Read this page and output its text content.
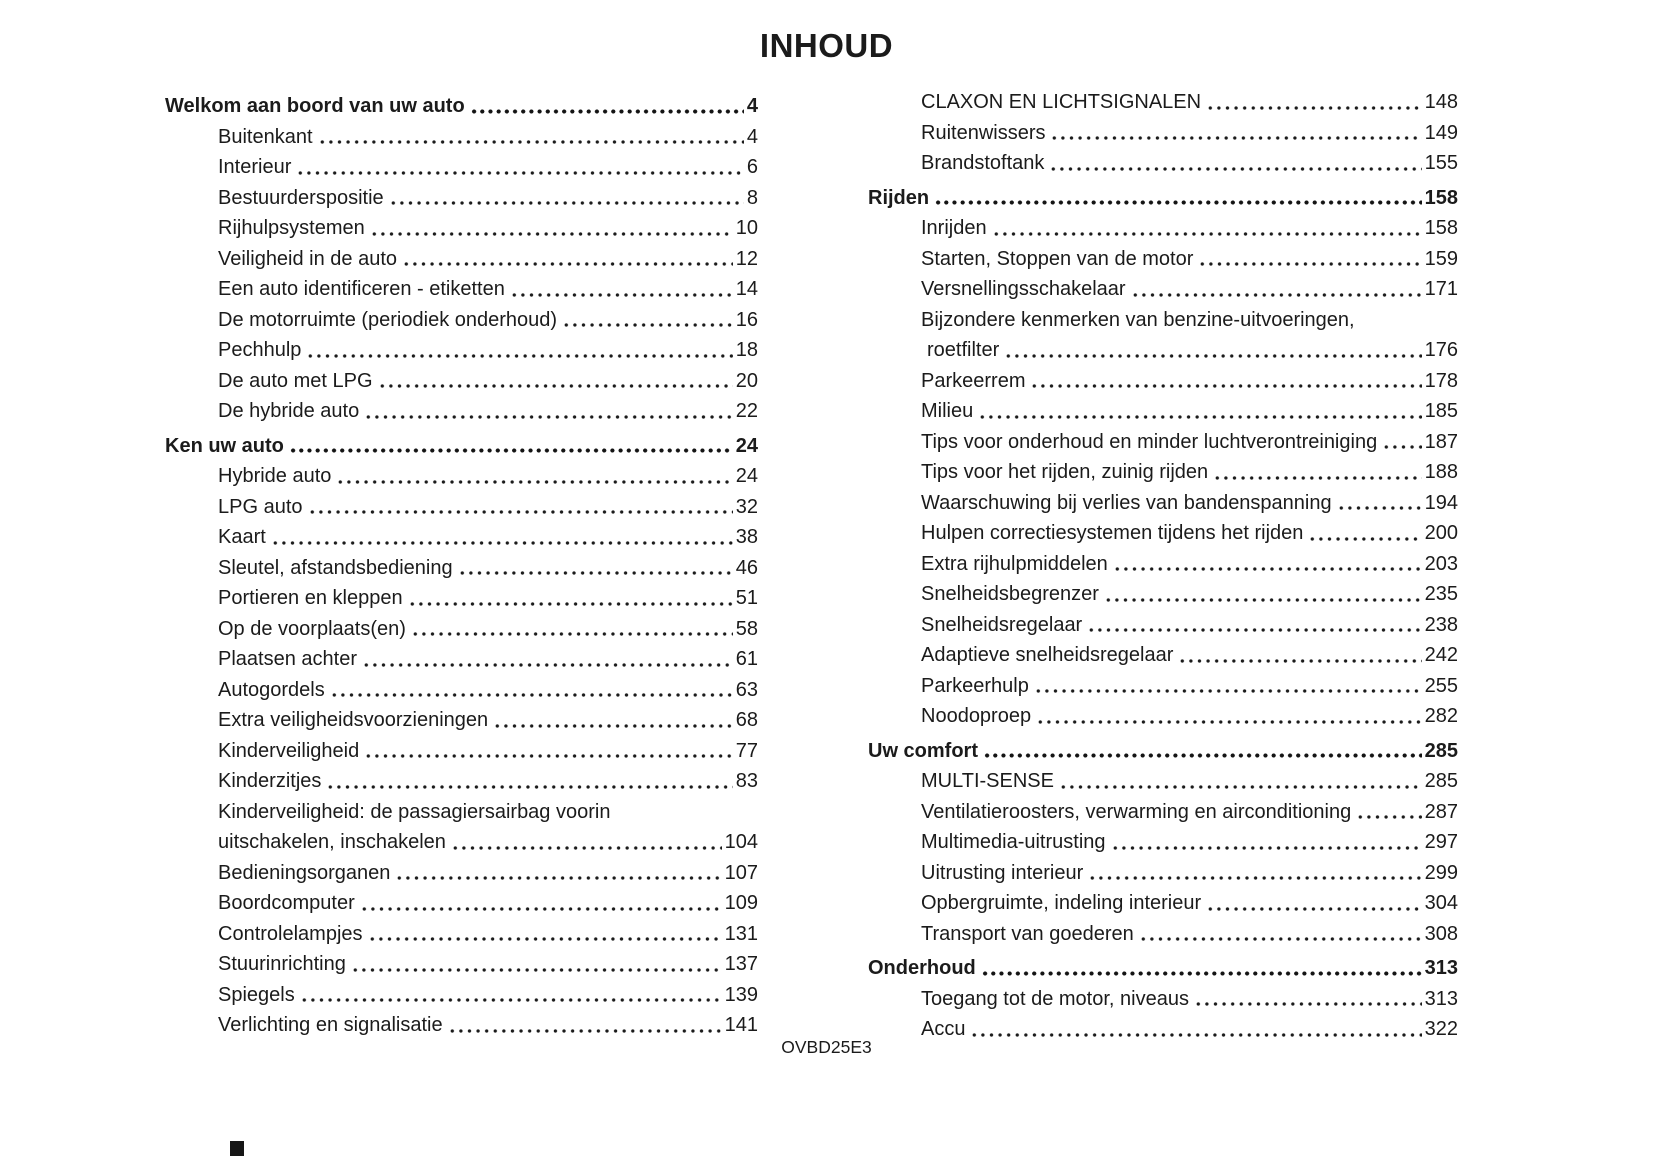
INHOUD
Welkom aan boord van uw auto	4
Buitenkant	4
Interieur	6
Bestuurderspositie	8
Rijhulpsystemen	10
Veiligheid in de auto	12
Een auto identificeren - etiketten	14
De motorruimte (periodiek onderhoud)	16
Pechhulp	18
De auto met LPG	20
De hybride auto	22
Ken uw auto	24
Hybride auto	24
LPG auto	32
Kaart	38
Sleutel, afstandsbediening	46
Portieren en kleppen	51
Op de voorplaats(en)	58
Plaatsen achter	61
Autogordels	63
Extra veiligheidsvoorzieningen	68
Kinderveiligheid	77
Kinderzitjes	83
Kinderveiligheid: de passagiersairbag voorin
uitschakelen, inschakelen	104
Bedieningsorganen	107
Boordcomputer	109
Controlelampjes	131
Stuurinrichting	137
Spiegels	139
Verlichting en signalisatie	141
CLAXON EN LICHTSIGNALEN	148
Ruitenwissers	149
Brandstoftank	155
Rijden	158
Inrijden	158
Starten, Stoppen van de motor	159
Versnellingsschakelaar	171
Bijzondere kenmerken van benzine-uitvoeringen,
roetfilter	176
Parkeerrem	178
Milieu	185
Tips voor onderhoud en minder luchtverontreiniging 187
Tips voor het rijden, zuinig rijden	188
Waarschuwing bij verlies van bandenspanning	194
Hulpen correctiesystemen tijdens het rijden	200
Extra rijhulpmiddelen	203
Snelheidsbegrenzer	235
Snelheidsregelaar	238
Adaptieve snelheidsregelaar	242
Parkeerhulp	255
Noodoproep	282
Uw comfort	285
MULTI-SENSE	285
Ventilatieroosters, verwarming en airconditioning	287
Multimedia-uitrusting	297
Uitrusting interieur	299
Opbergruimte, indeling interieur	304
Transport van goederen	308
Onderhoud	313
Toegang tot de motor, niveaus	313
Accu	322
OVBD25E3
